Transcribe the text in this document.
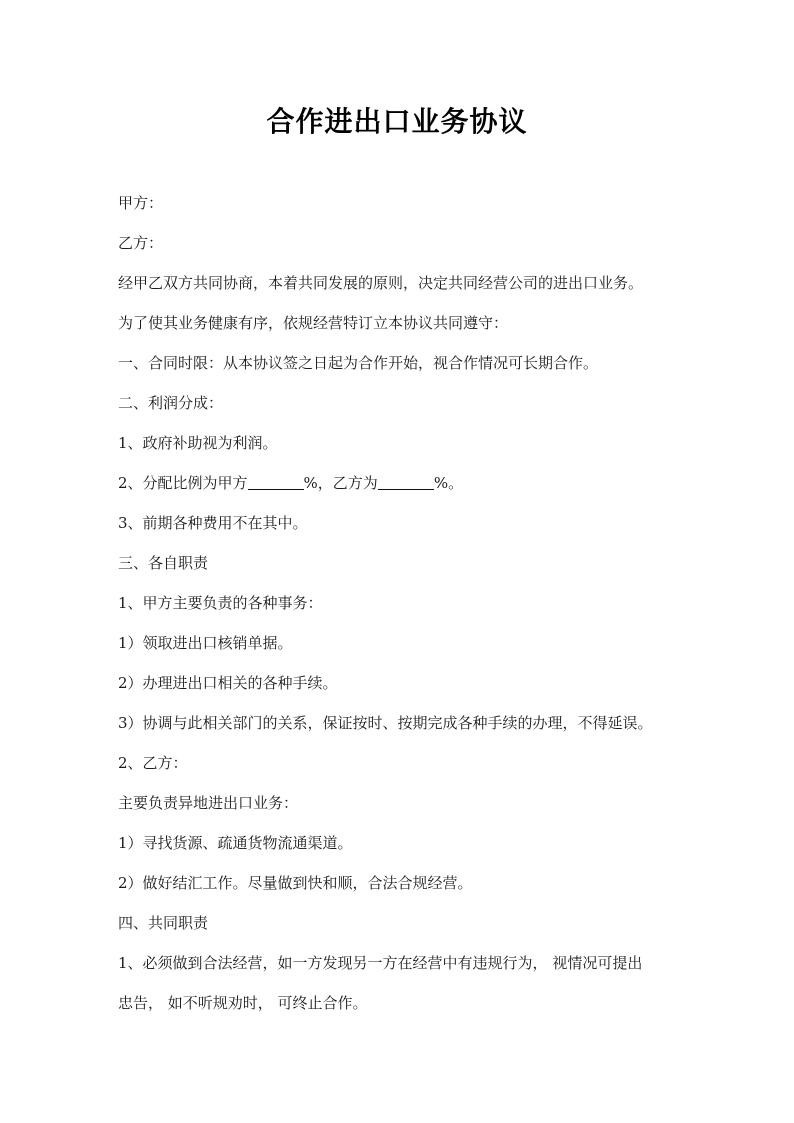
合作进出口业务协议
甲方：
乙方：
经甲乙双方共同协商，本着共同发展的原则，决定共同经营公司的进出口业务。
为了使其业务健康有序，依规经营特订立本协议共同遵守：
一、合同时限：从本协议签之日起为合作开始，视合作情况可长期合作。
二、利润分成：
1、政府补助视为利润。
2、分配比例为甲方	%，乙方为	%。
3、前期各种费用不在其中。
三、各自职责
1、甲方主要负责的各种事务：
1）领取进出口核销单据。
2）办理进出口相关的各种手续。
3）协调与此相关部门的关系，保证按时、按期完成各种手续的办理，不得延误。
2、乙方：
主要负责异地进出口业务：
1）寻找货源、疏通货物流通渠道。
2）做好结汇工作。尽量做到快和顺，合法合规经营。
四、共同职责
1、必须做到合法经营，如一方发现另一方在经营中有违规行为， 视情况可提出
忠告， 如不听规劝时， 可终止合作。
